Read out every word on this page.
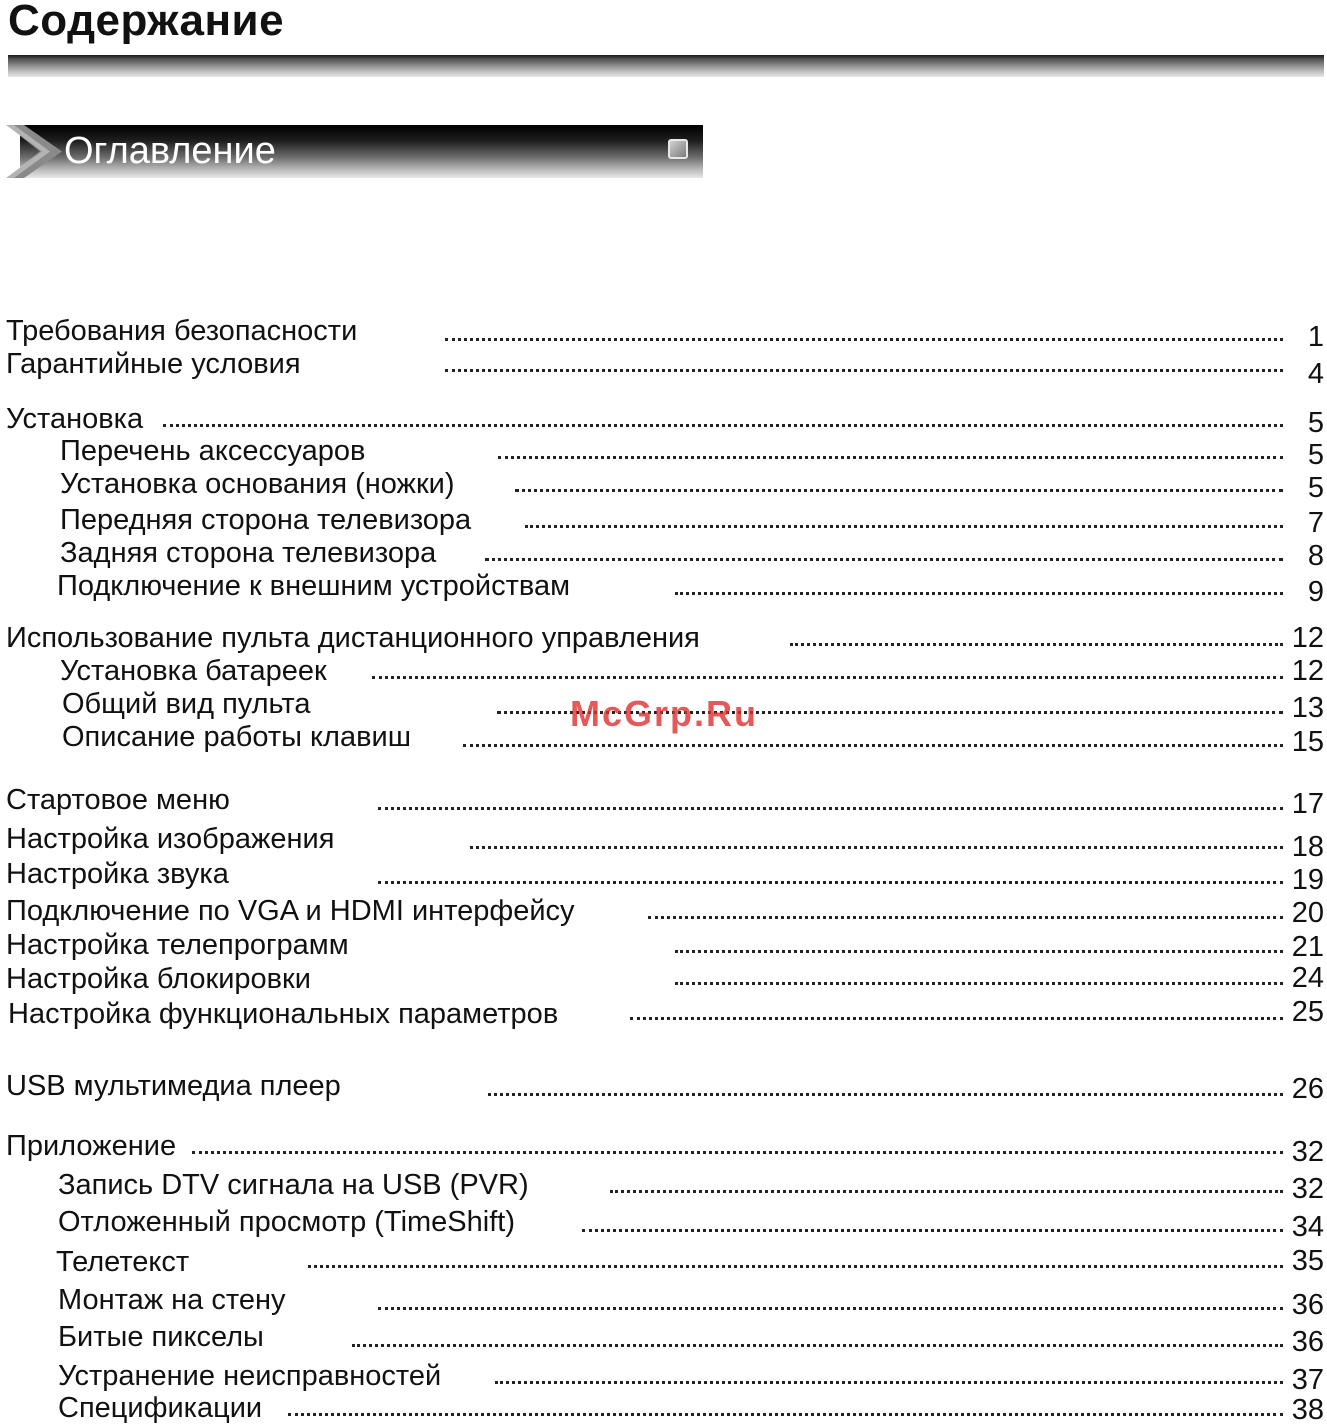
Содержание
Оглавление
Требования безопасности	1
Гарантийные условия	4
Установка	5
Перечень аксессуаров	5
Установка основания (ножки)	5
Передняя сторона телевизора	7
Задняя сторона телевизора	8
Подключение к внешним устройствам	9
Использование пульта дистанционного управления	12
Установка батареек	12
Общий вид пульта	13
Описание работы клавиш	15
Стартовое меню	17
Настройка изображения	18
Настройка звука	19
Подключение по VGA и HDMI интерфейсу	20
Настройка телепрограмм	21
Настройка блокировки	24
Настройка функциональных параметров	25
USB мультимедиа плеер	26
Приложение	32
Запись DTV сигнала на USB (PVR)	32
Отложенный просмотр (TimeShift)	34
Телетекст	35
Монтаж на стену	36
Битые пикселы	36
Устранение неисправностей	37
Спецификации	38
McGrp.Ru
